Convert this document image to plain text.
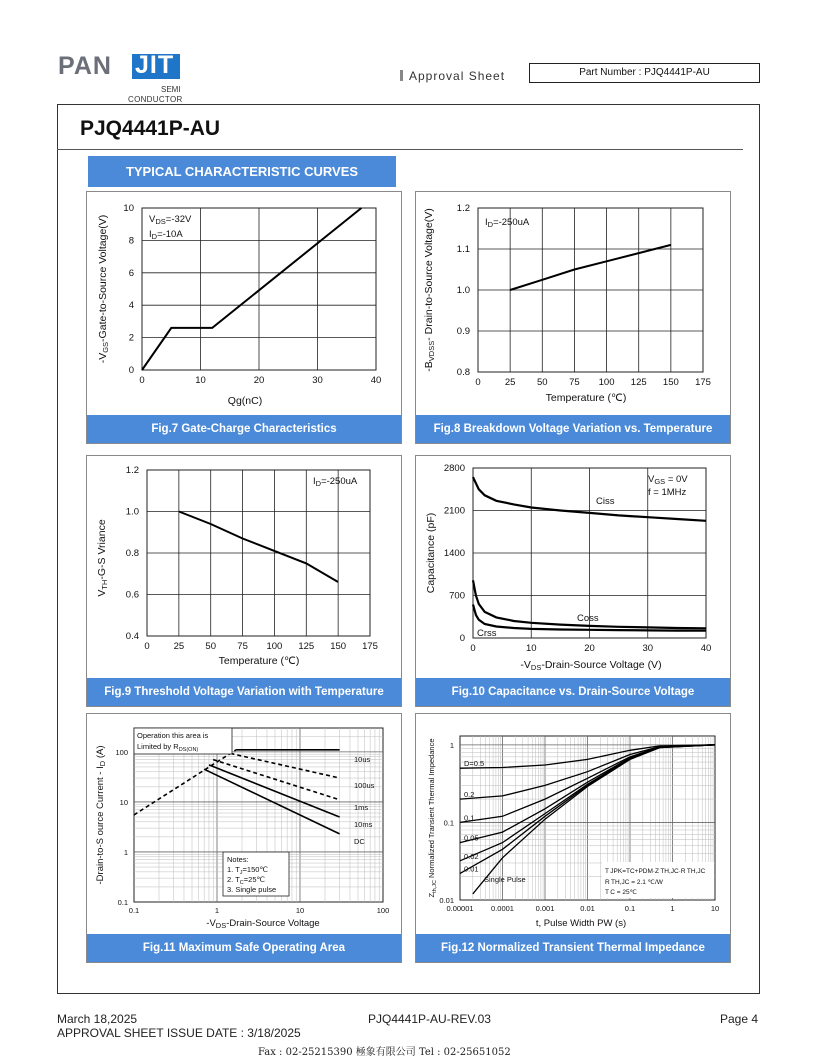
PAN JIT
SEMI
CONDUCTOR
Approval Sheet	Part Number : PJQ4441P-AU
PJQ4441P-AU
TYPICAL CHARACTERISTIC CURVES
0	10	20	30	40
0
2
4
6
8
10
$V_{DS}=-32V$
$I_D=-10A$
Qg(nC)
-VGS-Gate-to-Source Voltage(V)
Fig.7 Gate-Charge Characteristics
0	25 50 75 100 125 150 175
0.8
0.9
1.0
1.1
1.2
$I_D=-250uA$
Temperature (℃)
-BVDSS- Drain-to-Source Voltage(V)
Fig.8 Breakdown Voltage Variation vs. Temperature
0	25 50 75 100 125 150 175
0.4
0.6
0.8
1.0
1.2
$I_D=-250uA$
Temperature (℃)
VTH-G-S Vriance
Fig.9 Threshold Voltage Variation with Temperature
0	10	20	30	40
0
700
1400
2100
2800
$V_{GS} = 0V$
f = 1MHz
Ciss
Coss
Crss
-VDS-Drain-Source Voltage (V)
Capacitance (pF)
Fig.10 Capacitance vs. Drain-Source Voltage
0.1	1	10	100
0.1
1
10
100
Operation this area is
Limited by $R_{DS(ON)}$
Notes:
1. $T_J=150℃$
2. $T_C=25℃$
3. Single pulse
10us
100us
1ms
10ms
DC
$-V_{DS}-Drain$-Source Voltage
-Drain-to-S ource Current - $I_D$ (A)
Fig.11 Maximum Safe Operating Area
0.00001 0.0001	0.001	0.01	0.1	1	10
0.01
0.1
1
D=0.5
0.2
0.1
0.05
0.02
0.01
Single Pulse
T JPK=TC+PDM·Z TH,JC·R TH,JC
R TH,JC = 2.1 ℃/W
T C = 25℃
t, Pulse Width PW (s)
$Z_{th,JC}$ Normalized Transient Thermal Impedance
Fig.12 Normalized Transient Thermal Impedance
March 18,2025	PJQ4441P-AU-REV.03	Page 4
APPROVAL SHEET ISSUE DATE : 3/18/2025
Fax : 02-25215390 極象有限公司 Tel : 02-25651052
